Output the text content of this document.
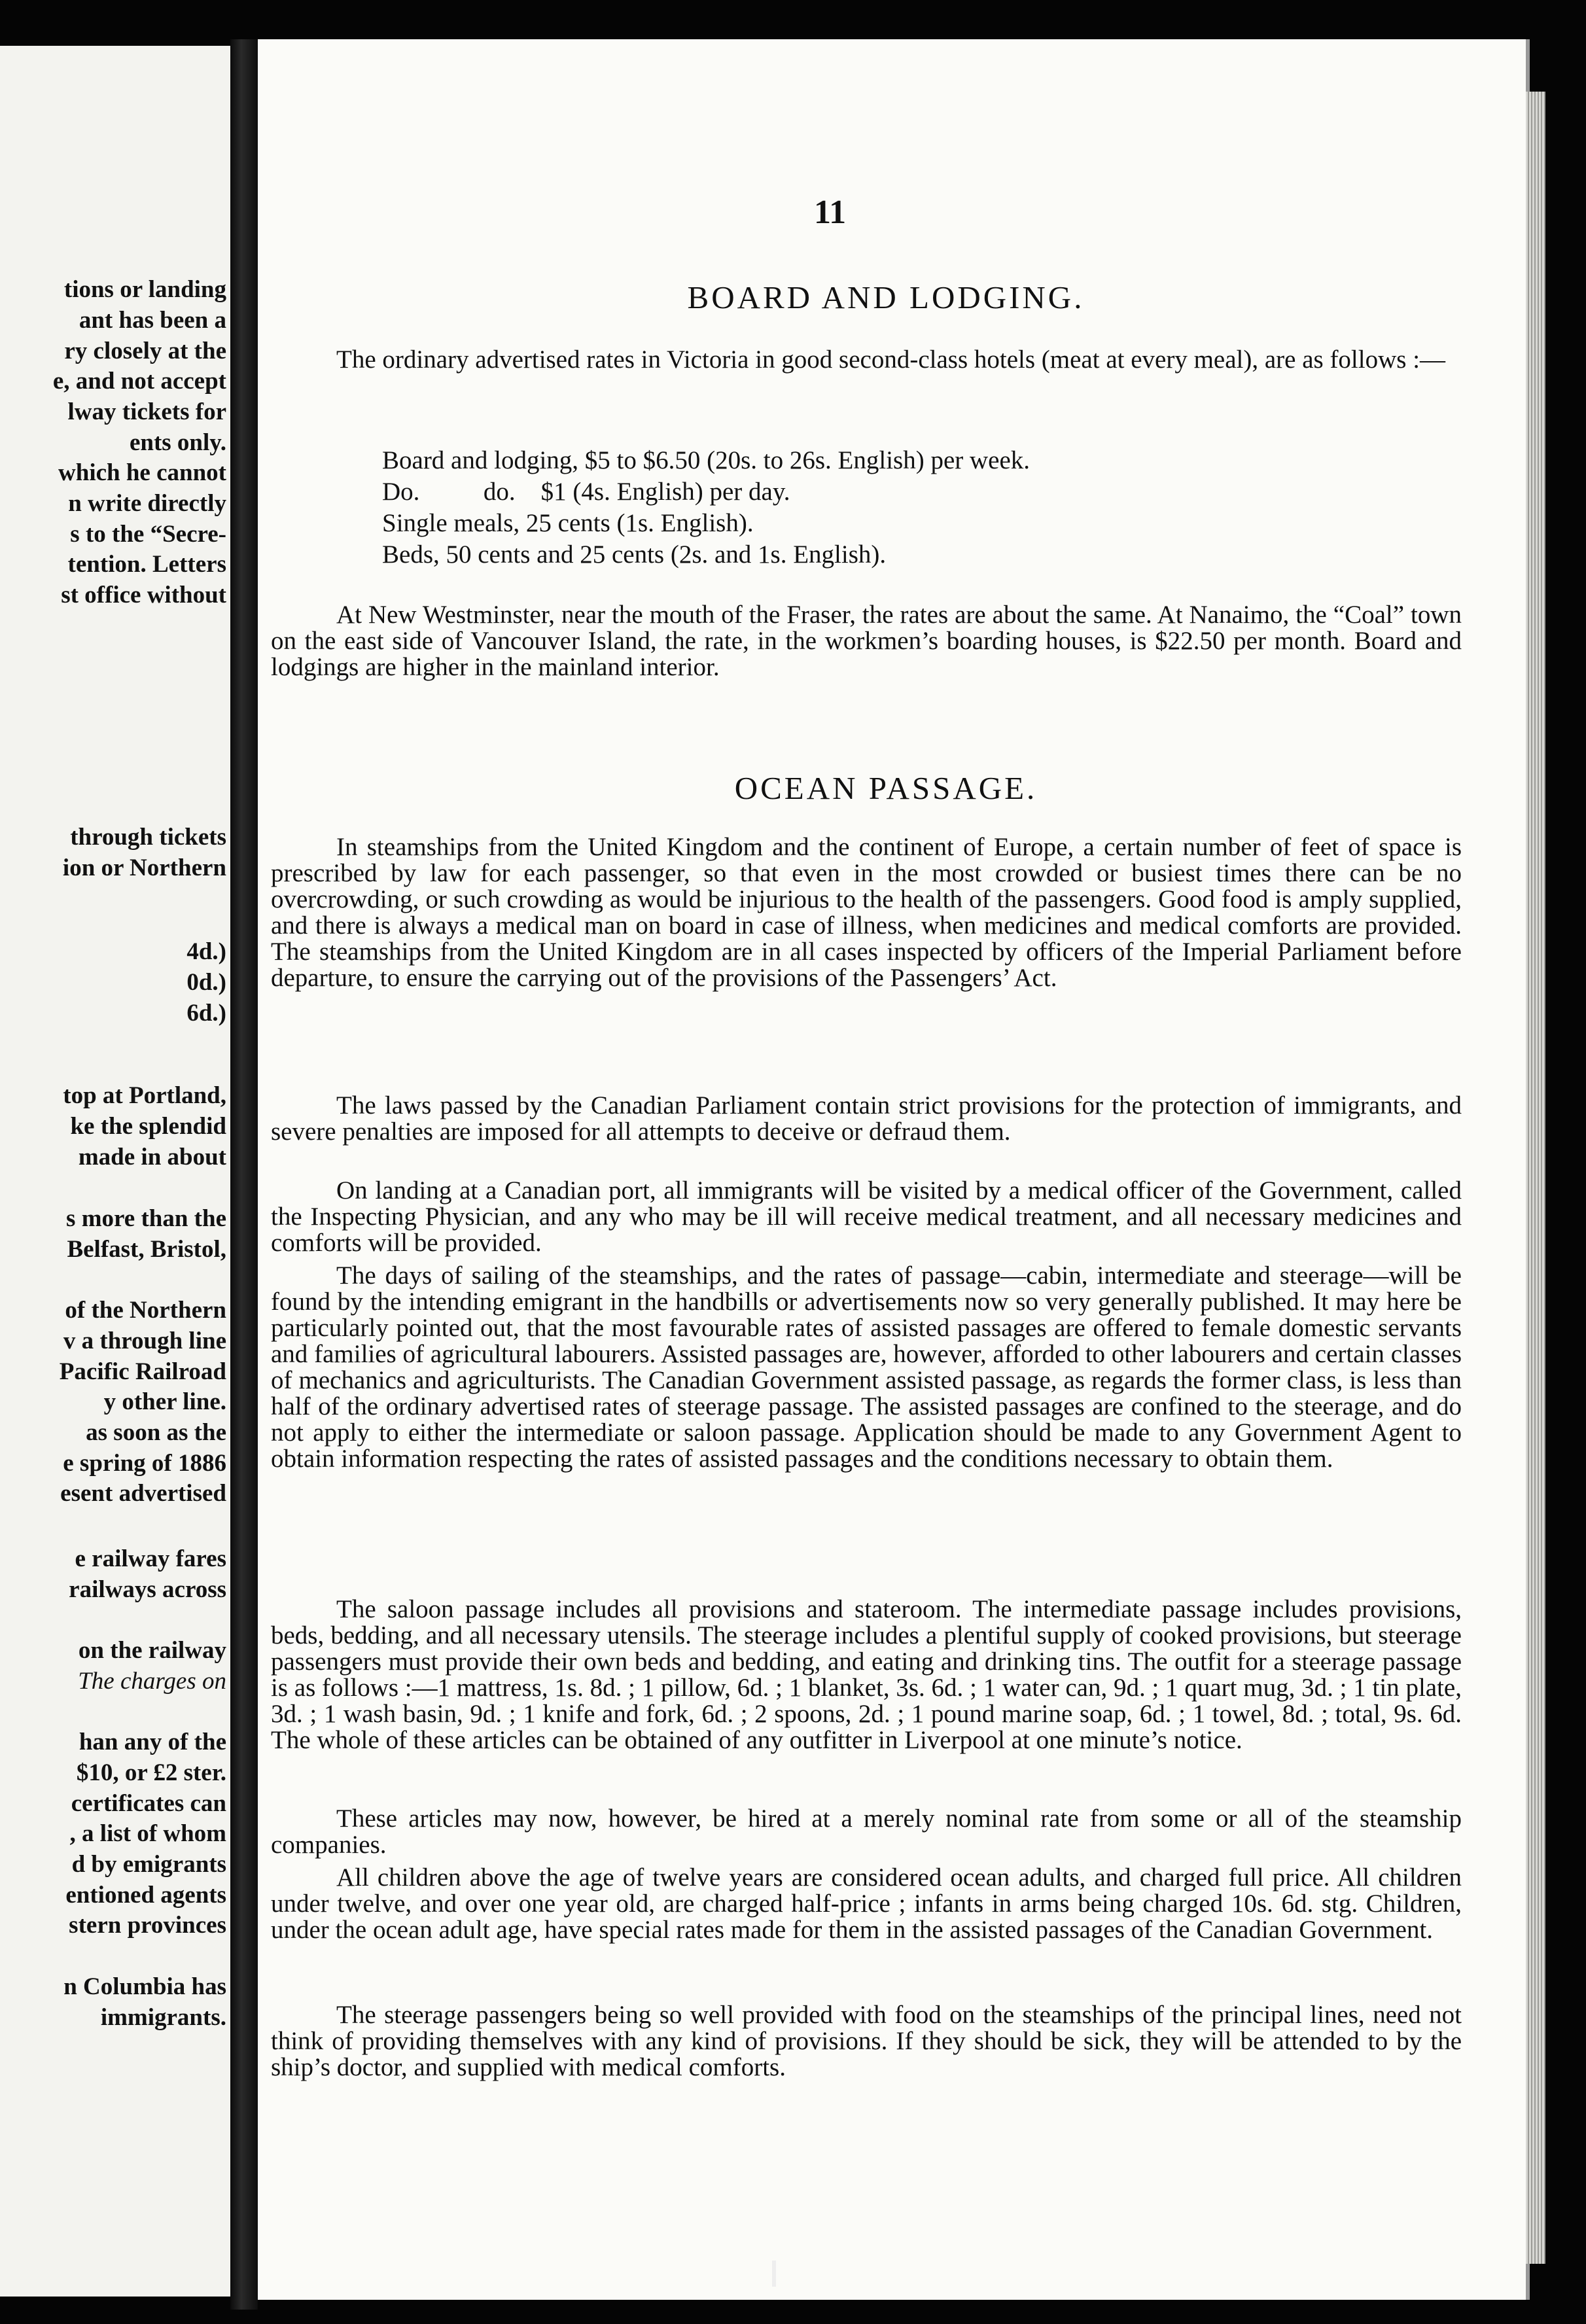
tions or landing
ant has been a
ry closely at the
e, and not accept
lway tickets for
ents only.
which he cannot
n write directly
s to the “Secre-
tention. Letters
st office without
through tickets
ion or Northern
4d.)
0d.)
6d.)
top at Portland,
ke the splendid
made in about
s more than the
Belfast, Bristol,
of the Northern
v a through line
Pacific Railroad
y other line.
as soon as the
e spring of 1886
esent advertised
e railway fares
railways across
on the railway
The charges on
han any of the
$10, or £2 ster.
certificates can
, a list of whom
d by emigrants
entioned agents
stern provinces
n Columbia has
immigrants.
11
BOARD AND LODGING.
The ordinary advertised rates in Victoria in good second-class hotels (meat at every meal), are as follows :—
Board and lodging, $5 to $6.50 (20s. to 26s. English) per week.
Do.          do.    $1 (4s. English) per day.
Single meals, 25 cents (1s. English).
Beds, 50 cents and 25 cents (2s. and 1s. English).
At New Westminster, near the mouth of the Fraser, the rates are about the same. At Nanaimo, the “Coal” town on the east side of Vancouver Island, the rate, in the workmen’s boarding houses, is $22.50 per month. Board and lodgings are higher in the mainland interior.
OCEAN PASSAGE.
In steamships from the United Kingdom and the continent of Europe, a certain number of feet of space is prescribed by law for each passenger, so that even in the most crowded or busiest times there can be no overcrowding, or such crowding as would be injurious to the health of the passengers. Good food is amply supplied, and there is always a medical man on board in case of illness, when medicines and medical comforts are provided. The steamships from the United Kingdom are in all cases inspected by officers of the Imperial Parliament before departure, to ensure the carrying out of the provisions of the Passengers’ Act.
The laws passed by the Canadian Parliament contain strict provisions for the protection of immigrants, and severe penalties are imposed for all attempts to deceive or defraud them.
On landing at a Canadian port, all immigrants will be visited by a medical officer of the Government, called the Inspecting Physician, and any who may be ill will receive medical treatment, and all necessary medicines and comforts will be provided.
The days of sailing of the steamships, and the rates of passage—cabin, intermediate and steerage—will be found by the intending emigrant in the handbills or advertisements now so very generally published. It may here be particularly pointed out, that the most favourable rates of assisted passages are offered to female domestic servants and families of agricultural labourers. Assisted passages are, however, afforded to other labourers and certain classes of mechanics and agriculturists. The Canadian Government assisted passage, as regards the former class, is less than half of the ordinary advertised rates of steerage passage. The assisted passages are confined to the steerage, and do not apply to either the intermediate or saloon passage. Application should be made to any Government Agent to obtain information respecting the rates of assisted passages and the conditions necessary to obtain them.
The saloon passage includes all provisions and stateroom. The intermediate passage includes provisions, beds, bedding, and all necessary utensils. The steerage includes a plentiful supply of cooked provisions, but steerage passengers must provide their own beds and bedding, and eating and drinking tins. The outfit for a steerage passage is as follows :—1 mattress, 1s. 8d. ; 1 pillow, 6d. ; 1 blanket, 3s. 6d. ; 1 water can, 9d. ; 1 quart mug, 3d. ; 1 tin plate, 3d. ; 1 wash basin, 9d. ; 1 knife and fork, 6d. ; 2 spoons, 2d. ; 1 pound marine soap, 6d. ; 1 towel, 8d. ; total, 9s. 6d. The whole of these articles can be obtained of any outfitter in Liverpool at one minute’s notice.
These articles may now, however, be hired at a merely nominal rate from some or all of the steamship companies.
All children above the age of twelve years are considered ocean adults, and charged full price. All children under twelve, and over one year old, are charged half-price ; infants in arms being charged 10s. 6d. stg. Children, under the ocean adult age, have special rates made for them in the assisted passages of the Canadian Government.
The steerage passengers being so well provided with food on the steamships of the principal lines, need not think of providing themselves with any kind of provisions. If they should be sick, they will be attended to by the ship’s doctor, and supplied with medical comforts.
